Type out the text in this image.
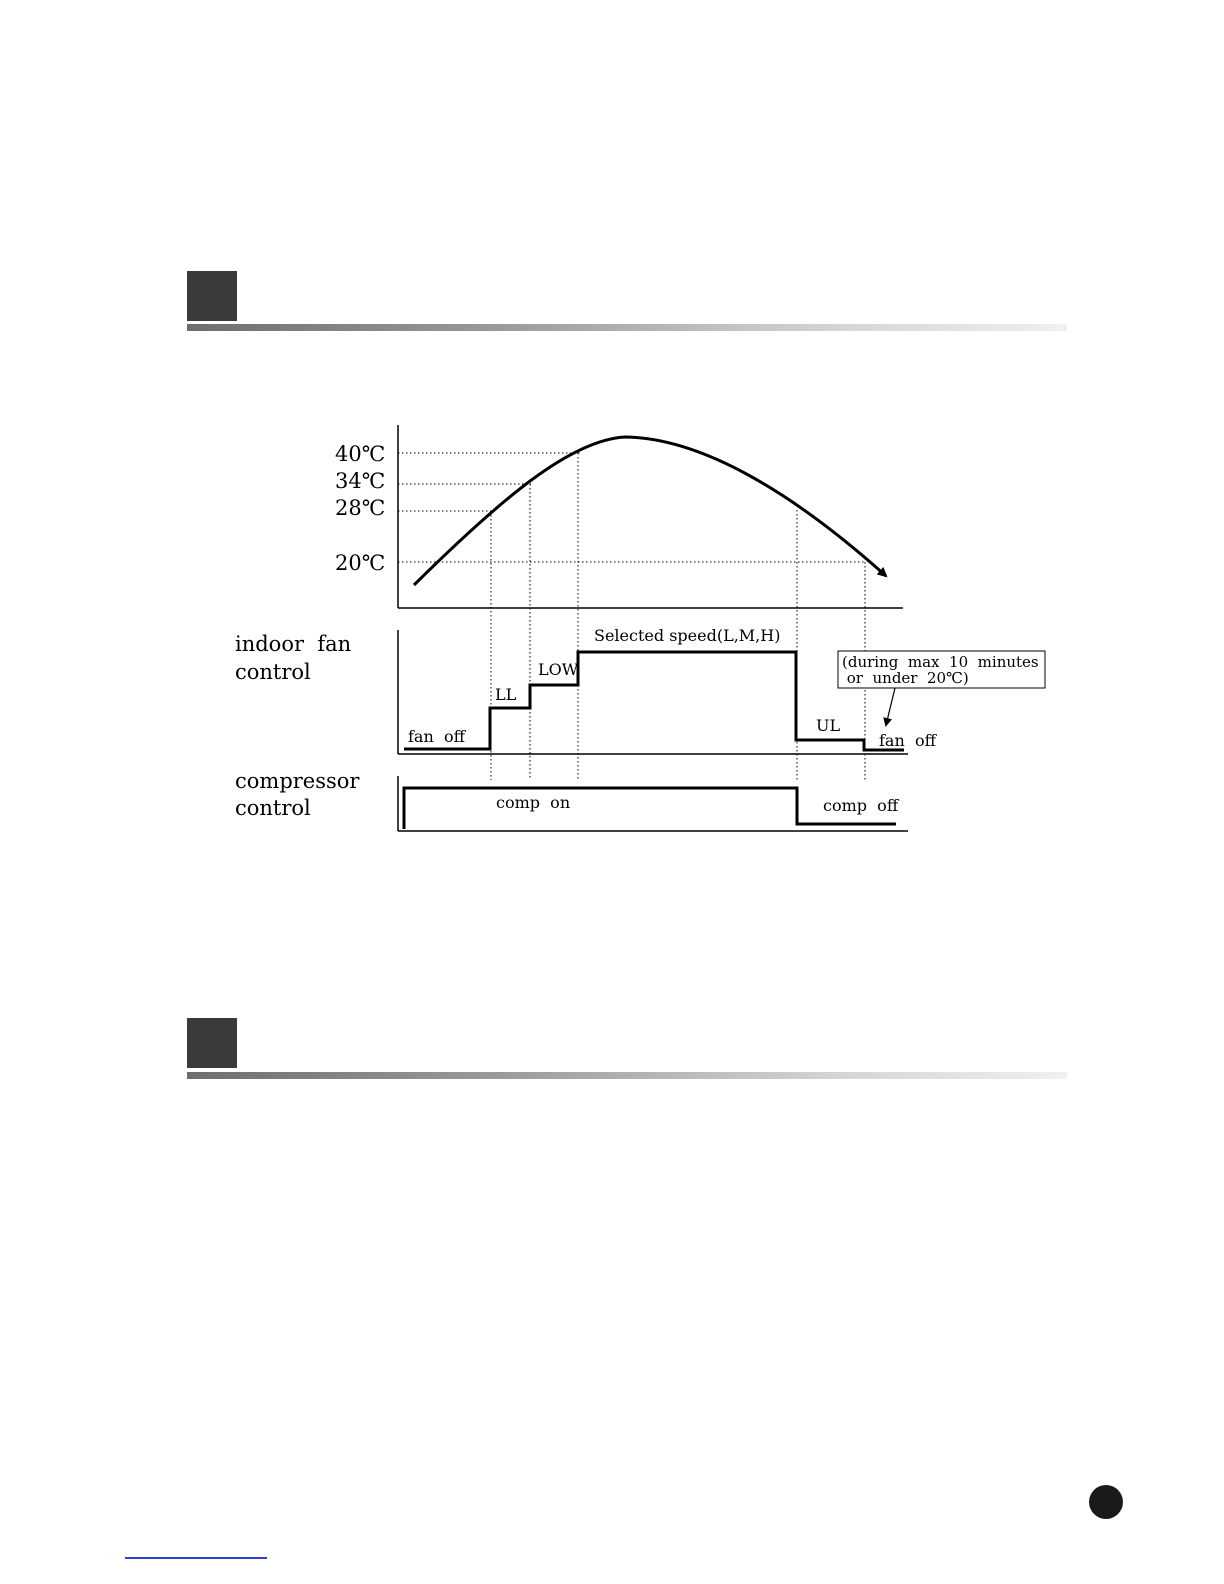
40℃
34℃
28℃
20℃
indoor  fan
control
compressor
control
fan  off
LL
LOW
Selected speed(L,M,H)
UL
fan  off
(during  max  10  minutes
or  under  20℃)
comp  on	comp  off
